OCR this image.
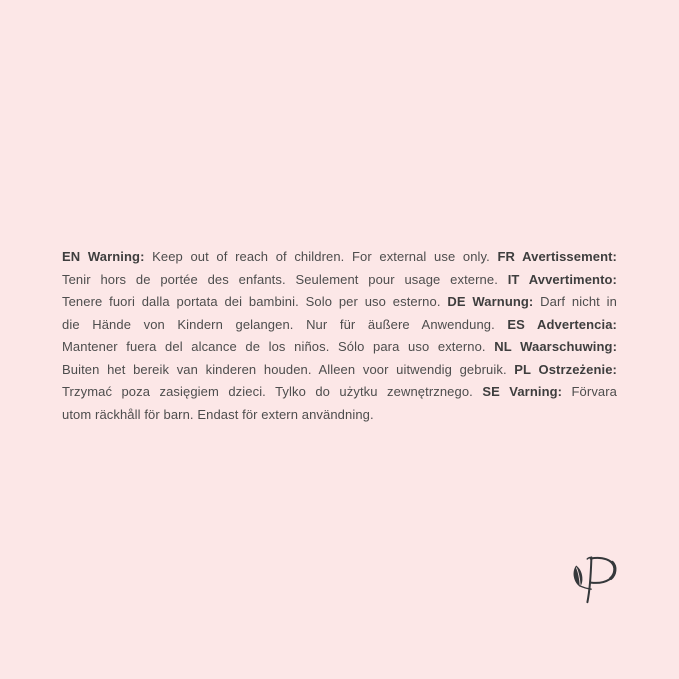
EN Warning: Keep out of reach of children. For external use only. FR Avertissement:
Tenir hors de portée des enfants. Seulement pour usage externe. IT Avvertimento:
Tenere fuori dalla portata dei bambini. Solo per uso esterno. DE Warnung: Darf nicht in
die Hände von Kindern gelangen. Nur für äußere Anwendung. ES Advertencia:
Mantener fuera del alcance de los niños. Sólo para uso externo. NL Waarschuwing:
Buiten het bereik van kinderen houden. Alleen voor uitwendig gebruik. PL Ostrzeżenie:
Trzymać poza zasięgiem dzieci. Tylko do użytku zewnętrznego. SE Varning: Förvara
utom räckhåll för barn. Endast för extern användning.
